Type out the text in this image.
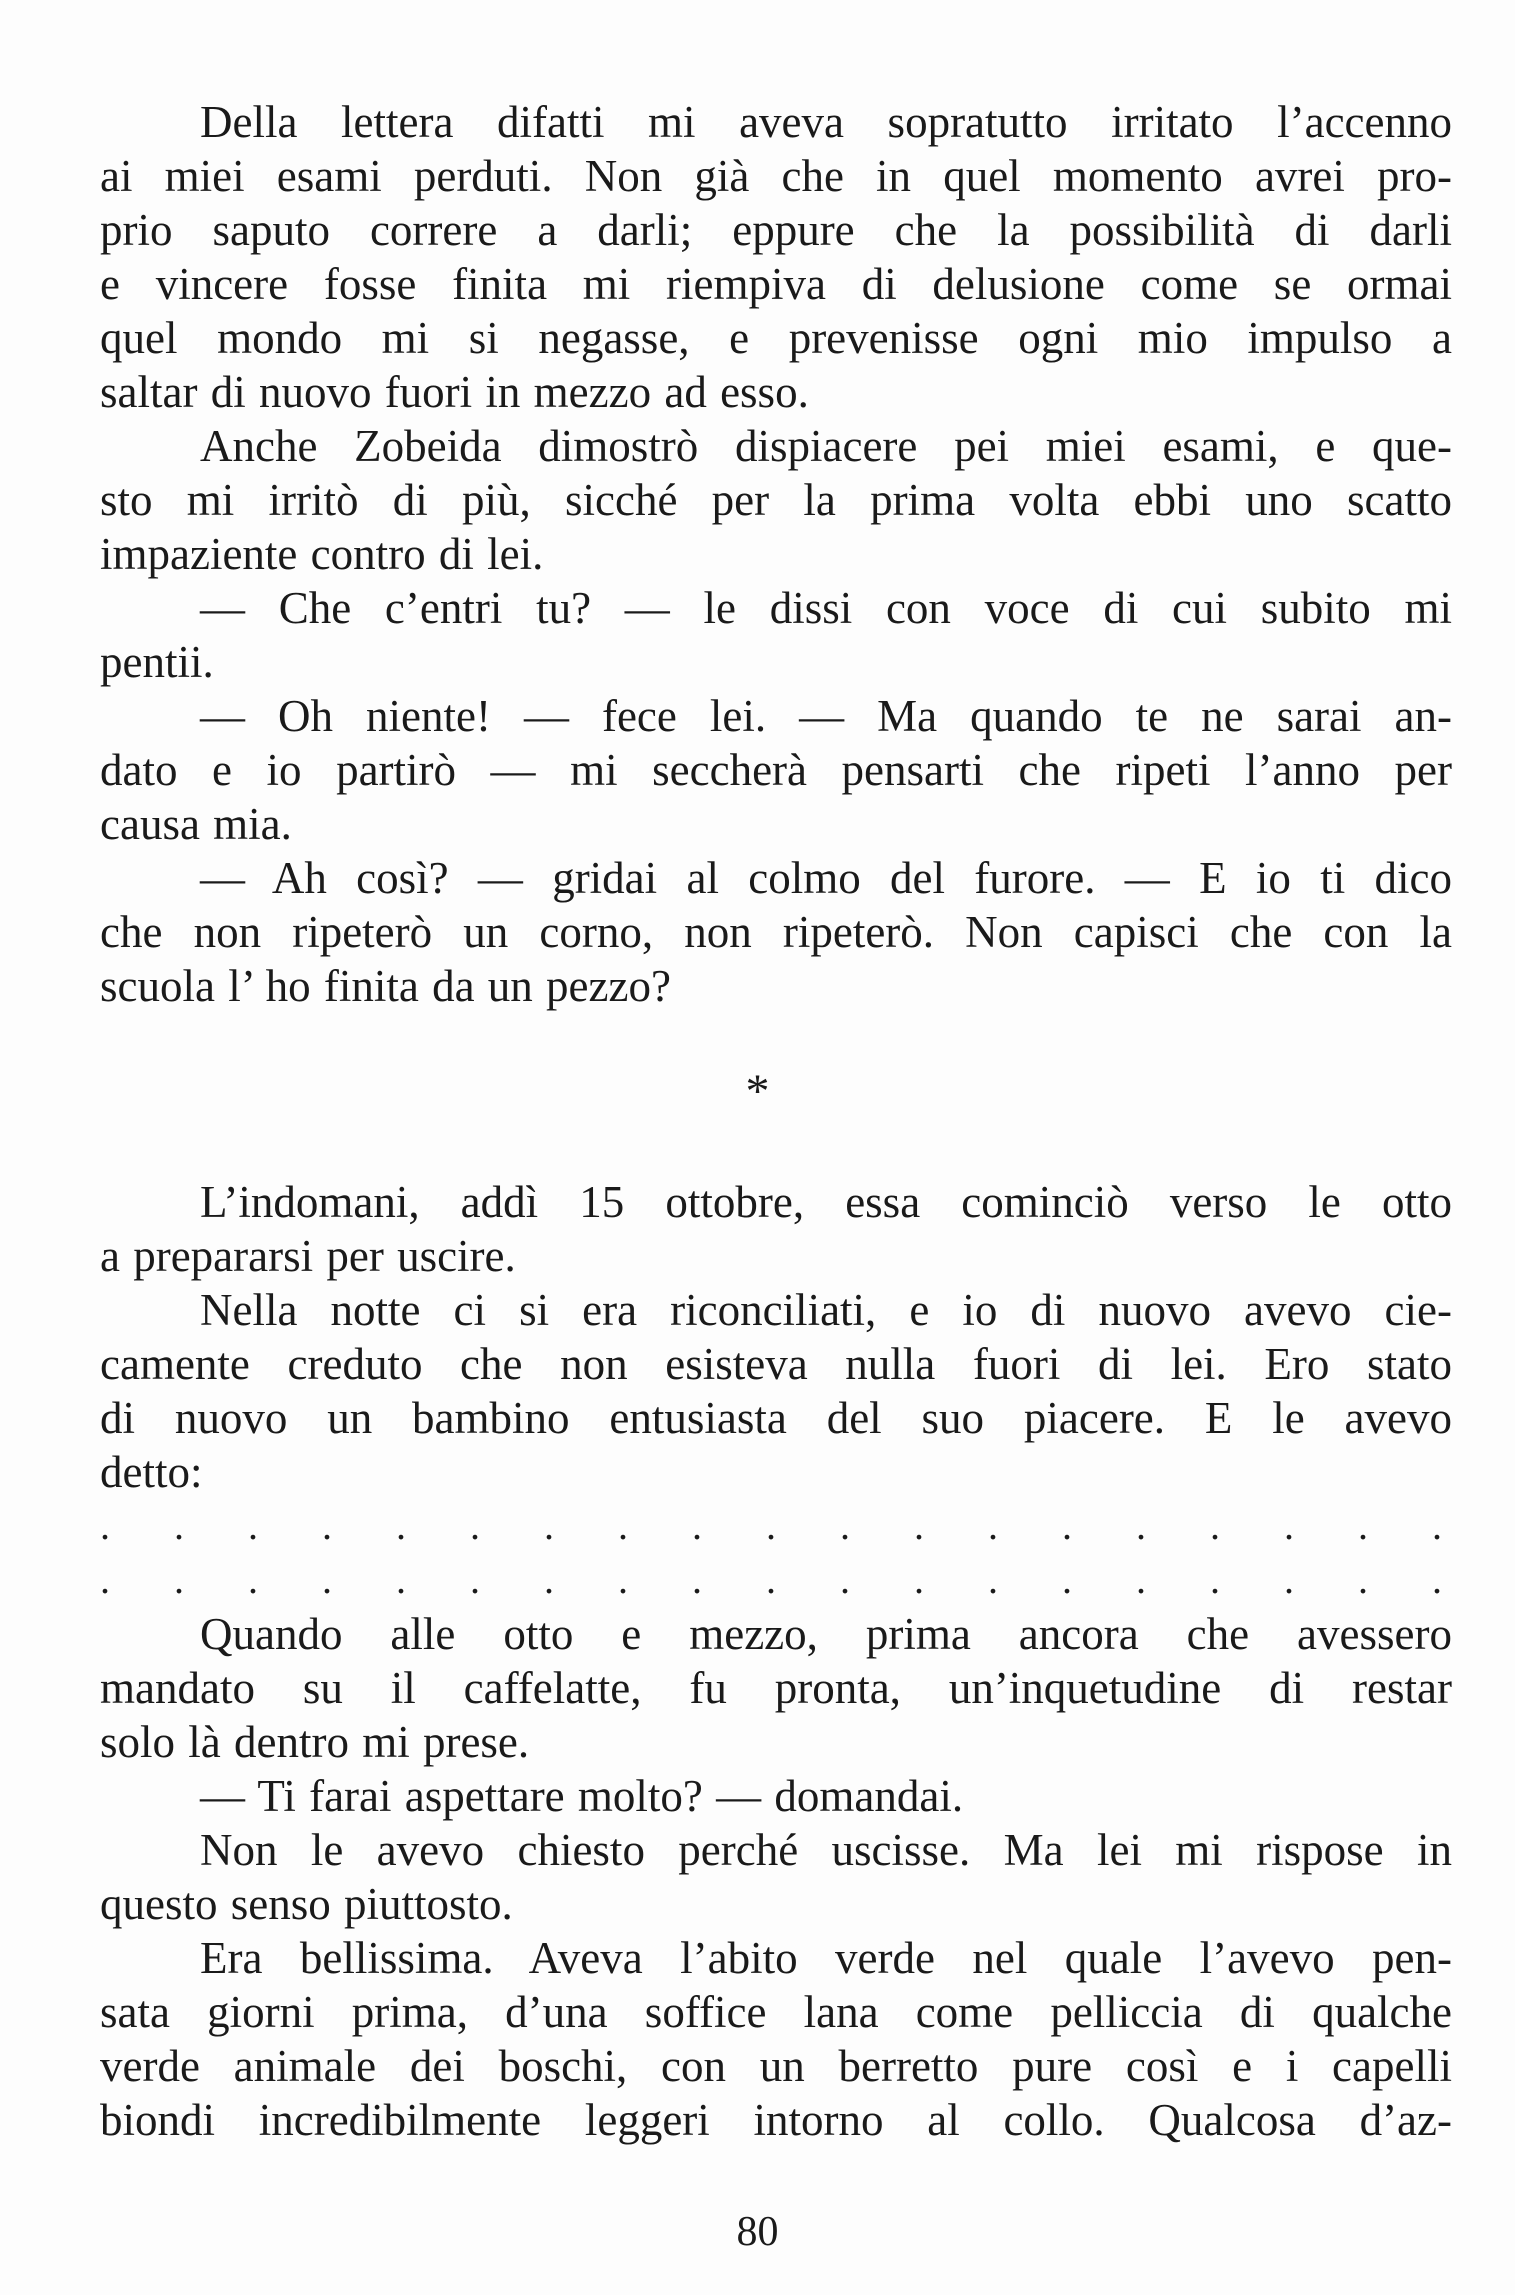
Della lettera difatti mi aveva sopratutto irritato l’accenno
ai miei esami perduti. Non già che in quel momento avrei pro-
prio saputo correre a darli; eppure che la possibilità di darli
e vincere fosse finita mi riempiva di delusione come se ormai
quel mondo mi si negasse, e prevenisse ogni mio impulso a
saltar di nuovo fuori in mezzo ad esso.
Anche Zobeida dimostrò dispiacere pei miei esami, e que-
sto mi irritò di più, sicché per la prima volta ebbi uno scatto
impaziente contro di lei.
— Che c’entri tu? — le dissi con voce di cui subito mi
pentii.
— Oh niente! — fece lei. — Ma quando te ne sarai an-
dato e io partirò — mi seccherà pensarti che ripeti l’anno per
causa mia.
— Ah così? — gridai al colmo del furore. — E io ti dico
che non ripeterò un corno, non ripeterò. Non capisci che con la
scuola l’ ho finita da un pezzo?
*
L’indomani, addì 15 ottobre, essa cominciò verso le otto
a prepararsi per uscire.
Nella notte ci si era riconciliati, e io di nuovo avevo cie-
camente creduto che non esisteva nulla fuori di lei. Ero stato
di nuovo un bambino entusiasta del suo piacere. E le avevo
detto:
. . . . . . . . . . . . . . . . . . .
. . . . . . . . . . . . . . . . . . .
Quando alle otto e mezzo, prima ancora che avessero
mandato su il caffelatte, fu pronta, un’inquetudine di restar
solo là dentro mi prese.
— Ti farai aspettare molto? — domandai.
Non le avevo chiesto perché uscisse. Ma lei mi rispose in
questo senso piuttosto.
Era bellissima. Aveva l’abito verde nel quale l’avevo pen-
sata giorni prima, d’una soffice lana come pelliccia di qualche
verde animale dei boschi, con un berretto pure così e i capelli
biondi incredibilmente leggeri intorno al collo. Qualcosa d’az-
80
